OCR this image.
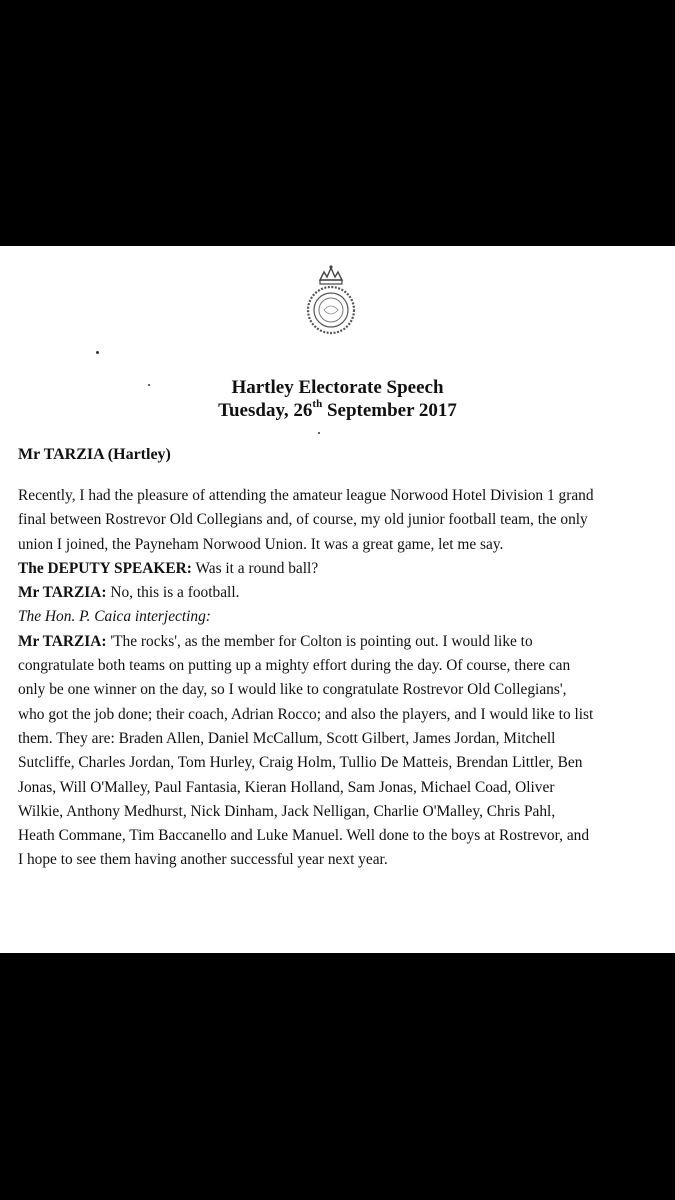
Hartley Electorate Speech
Tuesday, 26th September 2017
Mr TARZIA (Hartley)

Recently, I had the pleasure of attending the amateur league Norwood Hotel Division 1 grand

final between Rostrevor Old Collegians and, of course, my old junior football team, the only

union I joined, the Payneham Norwood Union. It was a great game, let me say.

The DEPUTY SPEAKER: Was it a round ball?

Mr TARZIA: No, this is a football.

The Hon. P. Caica interjecting:

Mr TARZIA: 'The rocks', as the member for Colton is pointing out. I would like to

congratulate both teams on putting up a mighty effort during the day. Of course, there can

only be one winner on the day, so I would like to congratulate Rostrevor Old Collegians',

who got the job done; their coach, Adrian Rocco; and also the players, and I would like to list

them. They are: Braden Allen, Daniel McCallum, Scott Gilbert, James Jordan, Mitchell

Sutcliffe, Charles Jordan, Tom Hurley, Craig Holm, Tullio De Matteis, Brendan Littler, Ben

Jonas, Will O'Malley, Paul Fantasia, Kieran Holland, Sam Jonas, Michael Coad, Oliver

Wilkie, Anthony Medhurst, Nick Dinham, Jack Nelligan, Charlie O'Malley, Chris Pahl,

Heath Commane, Tim Baccanello and Luke Manuel. Well done to the boys at Rostrevor, and

I hope to see them having another successful year next year.
